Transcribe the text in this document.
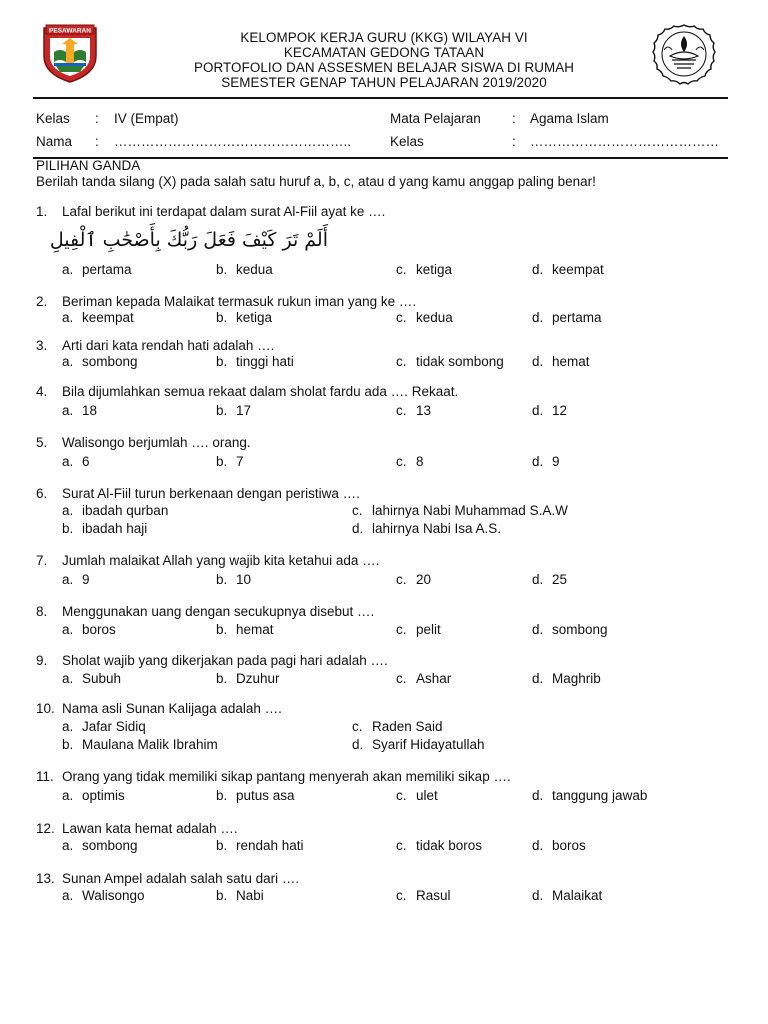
PESAWARAN	KELOMPOK KERJA GURU (KKG) WILAYAH VI
KECAMATAN GEDONG TATAAN
PORTOFOLIO DAN ASSESMEN BELAJAR SISWA DI RUMAH
SEMESTER GENAP TAHUN PELAJARAN 2019/2020
Kelas : IV (Empat)	Mata Pelajaran : Agama Islam
Nama : ……………………………………………..	Kelas	: ……………………………………
PILIHAN GANDA
Berilah tanda silang (X) pada salah satu huruf a, b, c, atau d yang kamu anggap paling benar!
أَلَمْ تَرَ كَيْفَ فَعَلَ رَبُّكَ بِأَصْحَٰبِ ٱلْفِيلِ
1. Lafal berikut ini terdapat dalam surat Al-Fiil ayat ke ….
a. pertama	b. kedua	c. ketiga	d. keempat
2. Beriman kepada Malaikat termasuk rukun iman yang ke ….
a. keempat	b. ketiga	c. kedua	d. pertama
3. Arti dari kata rendah hati adalah ….
a. sombong	b. tinggi hati	c. tidak sombong d. hemat
4. Bila dijumlahkan semua rekaat dalam sholat fardu ada …. Rekaat.
a. 18	b. 17	c. 13	d. 12
5. Walisongo berjumlah …. orang.
a. 6	b. 7	c. 8	d. 9
6. Surat Al-Fiil turun berkenaan dengan peristiwa ….
a. ibadah qurban
b. ibadah haji
c. lahirnya Nabi Muhammad S.A.W
d. lahirnya Nabi Isa A.S.
7. Jumlah malaikat Allah yang wajib kita ketahui ada ….
a. 9	b. 10	c. 20	d. 25
8. Menggunakan uang dengan secukupnya disebut ….
a. boros	b. hemat	c. pelit	d. sombong
9. Sholat wajib yang dikerjakan pada pagi hari adalah ….
a. Subuh	b. Dzuhur	c. Ashar	d. Maghrib
10. Nama asli Sunan Kalijaga adalah ….
a. Jafar Sidiq
b. Maulana Malik Ibrahim
c. Raden Said
d. Syarif Hidayatullah
11. Orang yang tidak memiliki sikap pantang menyerah akan memiliki sikap ….
a. optimis	b. putus asa	c. ulet	d. tanggung jawab
12. Lawan kata hemat adalah ….
a. sombong	b. rendah hati	c. tidak boros	d. boros
13. Sunan Ampel adalah salah satu dari ….
a. Walisongo	b. Nabi	c. Rasul	d. Malaikat
